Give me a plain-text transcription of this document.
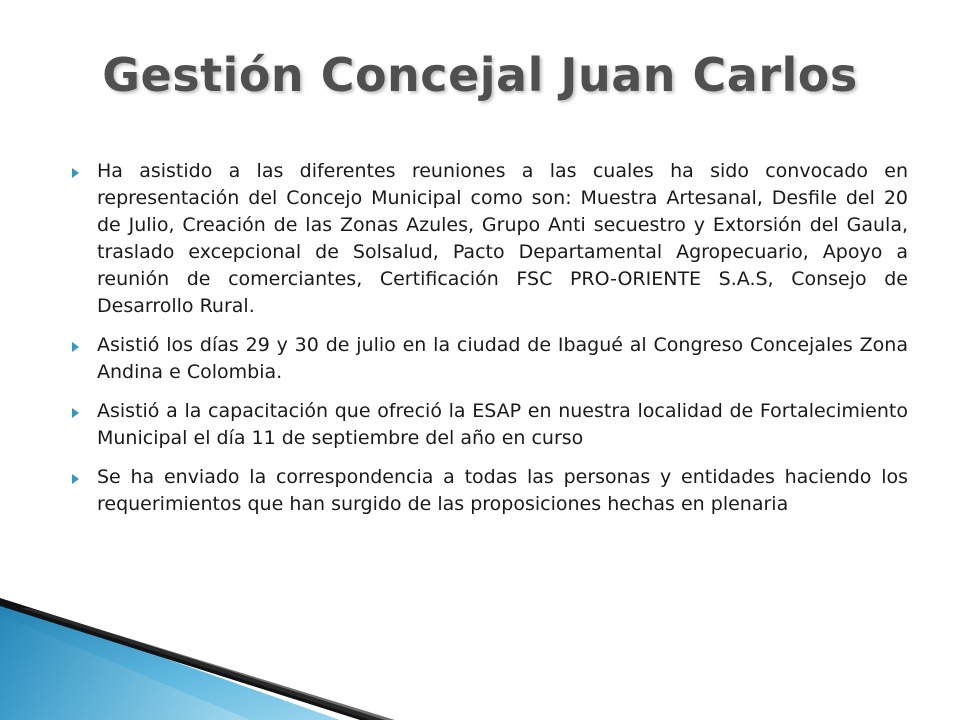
Gestión Concejal Juan Carlos
Ha asistido a las diferentes reuniones a las cuales ha sido convocado en representación del Concejo Municipal como son: Muestra Artesanal, Desfile del 20 de Julio, Creación de las Zonas Azules, Grupo Anti secuestro y Extorsión del Gaula, traslado excepcional de Solsalud, Pacto Departamental Agropecuario, Apoyo a reunión de comerciantes, Certificación FSC PRO-ORIENTE S.A.S, Consejo de Desarrollo Rural.
Asistió los días 29 y 30 de julio en la ciudad de Ibagué al Congreso Concejales Zona Andina e Colombia.
Asistió a la capacitación que ofreció la ESAP en nuestra localidad de Fortalecimiento Municipal el día 11 de septiembre del año en curso
Se ha enviado la correspondencia a todas las personas y entidades haciendo los requerimientos que han surgido de las proposiciones hechas en plenaria
